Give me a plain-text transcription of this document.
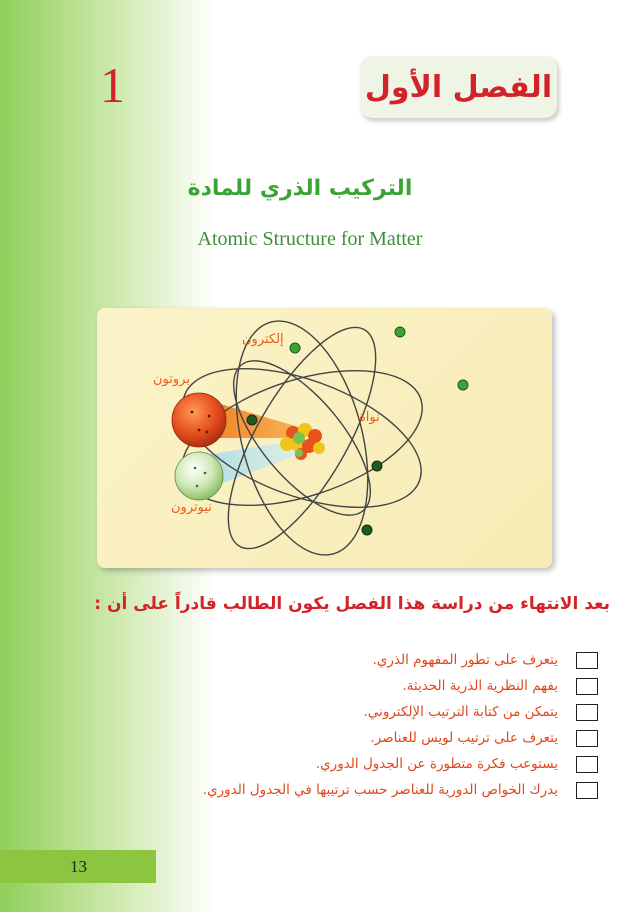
1	الفصل الأول
التركيب الذري للمادة
Atomic Structure for Matter
إلكترون
بروتون
نواة
نيوترون
بعد الانتهاء من دراسة هذا الفصل يكون الطالب قادراً على أن :
يتعرف على تطور المفهوم الذري.
يفهم النظرية الذرية الحديثة.
يتمكن من كتابة الترتيب الإلكتروني.
يتعرف على ترتيب لويس للعناصر.
يستوعب فكرة متطورة عن الجدول الدوري.
يدرك الخواص الدورية للعناصر حسب ترتيبها في الجدول الدوري.
13
